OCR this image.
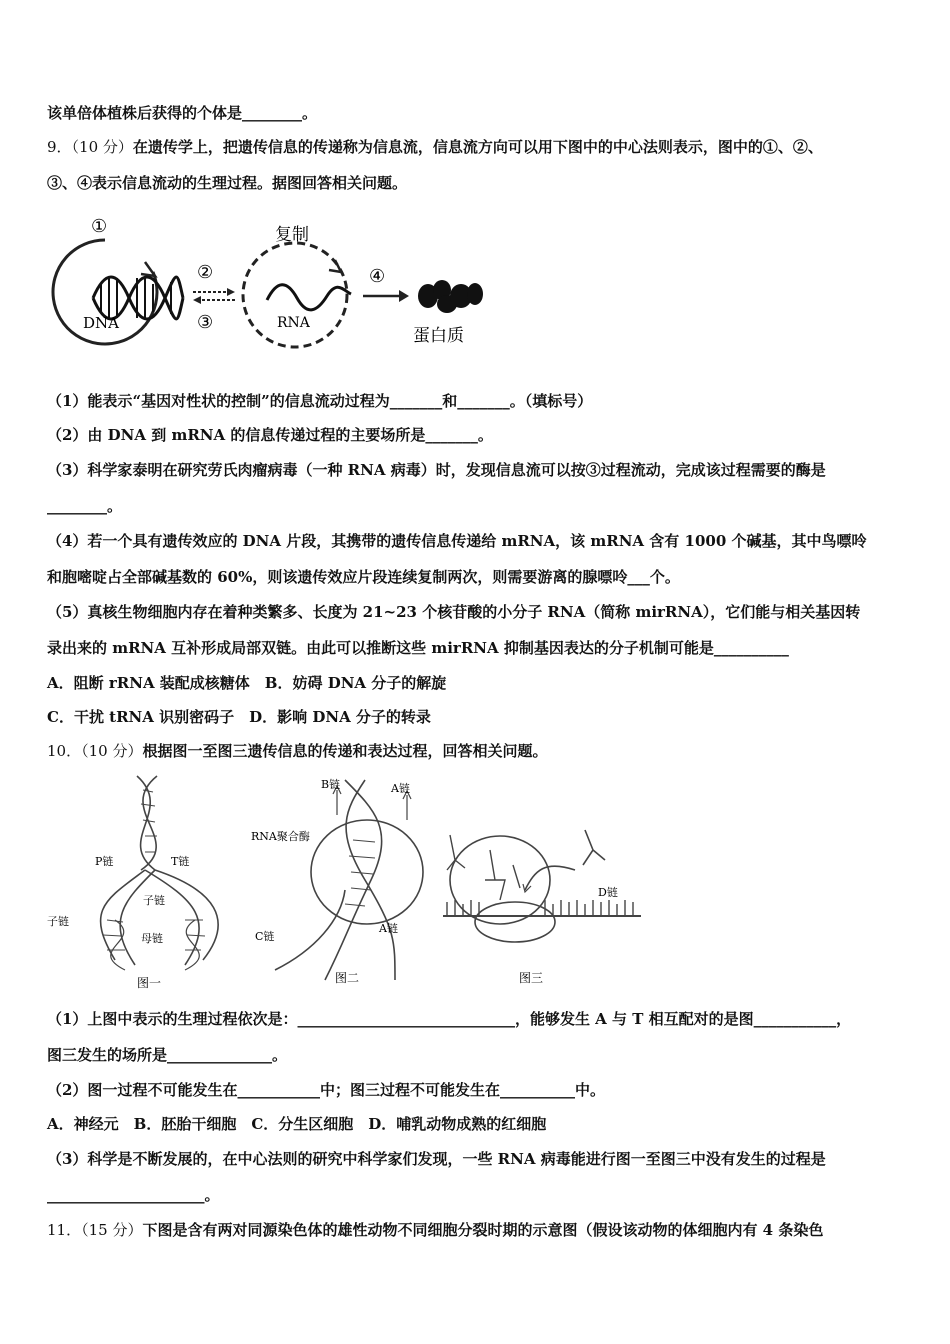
该单倍体植株后获得的个体是________。
9．（10 分）在遗传学上，把遗传信息的传递称为信息流，信息流方向可以用下图中的中心法则表示，图中的①、②、
③、④表示信息流动的生理过程。据图回答相关问题。
①
DNA
②
③
复制
RNA
④
蛋白质
（1）能表示“基因对性状的控制”的信息流动过程为_______和_______。（填标号）
（2）由 DNA 到 mRNA 的信息传递过程的主要场所是_______。
（3）科学家泰明在研究劳氏肉瘤病毒（一种 RNA 病毒）时，发现信息流可以按③过程流动，完成该过程需要的酶是
________。
（4）若一个具有遗传效应的 DNA 片段，其携带的遗传信息传递给 mRNA，该 mRNA 含有 1000 个碱基，其中鸟嘌呤
和胞嘧啶占全部碱基数的 60%，则该遗传效应片段连续复制两次，则需要游离的腺嘌呤___个。
（5）真核生物细胞内存在着种类繁多、长度为 21~23 个核苷酸的小分子 RNA（简称 mirRNA），它们能与相关基因转
录出来的 mRNA 互补形成局部双链。由此可以推断这些 mirRNA 抑制基因表达的分子机制可能是__________
A．阻断 rRNA 装配成核糖体　B．妨碍 DNA 分子的解旋
C．干扰 tRNA 识别密码子　D．影响 DNA 分子的转录
10．（10 分）根据图一至图三遗传信息的传递和表达过程，回答相关问题。
P链	T链
子链
子链
母链
图一
B链	A链
RNA聚合酶
C链
A链
图二
D链
图三
（1）上图中表示的生理过程依次是：_____________________________，能够发生 A 与 T 相互配对的是图___________，
图三发生的场所是______________。
（2）图一过程不可能发生在___________中；图三过程不可能发生在__________中。
A．神经元　B．胚胎干细胞　C．分生区细胞　D．哺乳动物成熟的红细胞
（3）科学是不断发展的，在中心法则的研究中科学家们发现，一些 RNA 病毒能进行图一至图三中没有发生的过程是
_____________________。
11．（15 分）下图是含有两对同源染色体的雄性动物不同细胞分裂时期的示意图（假设该动物的体细胞内有 4 条染色
